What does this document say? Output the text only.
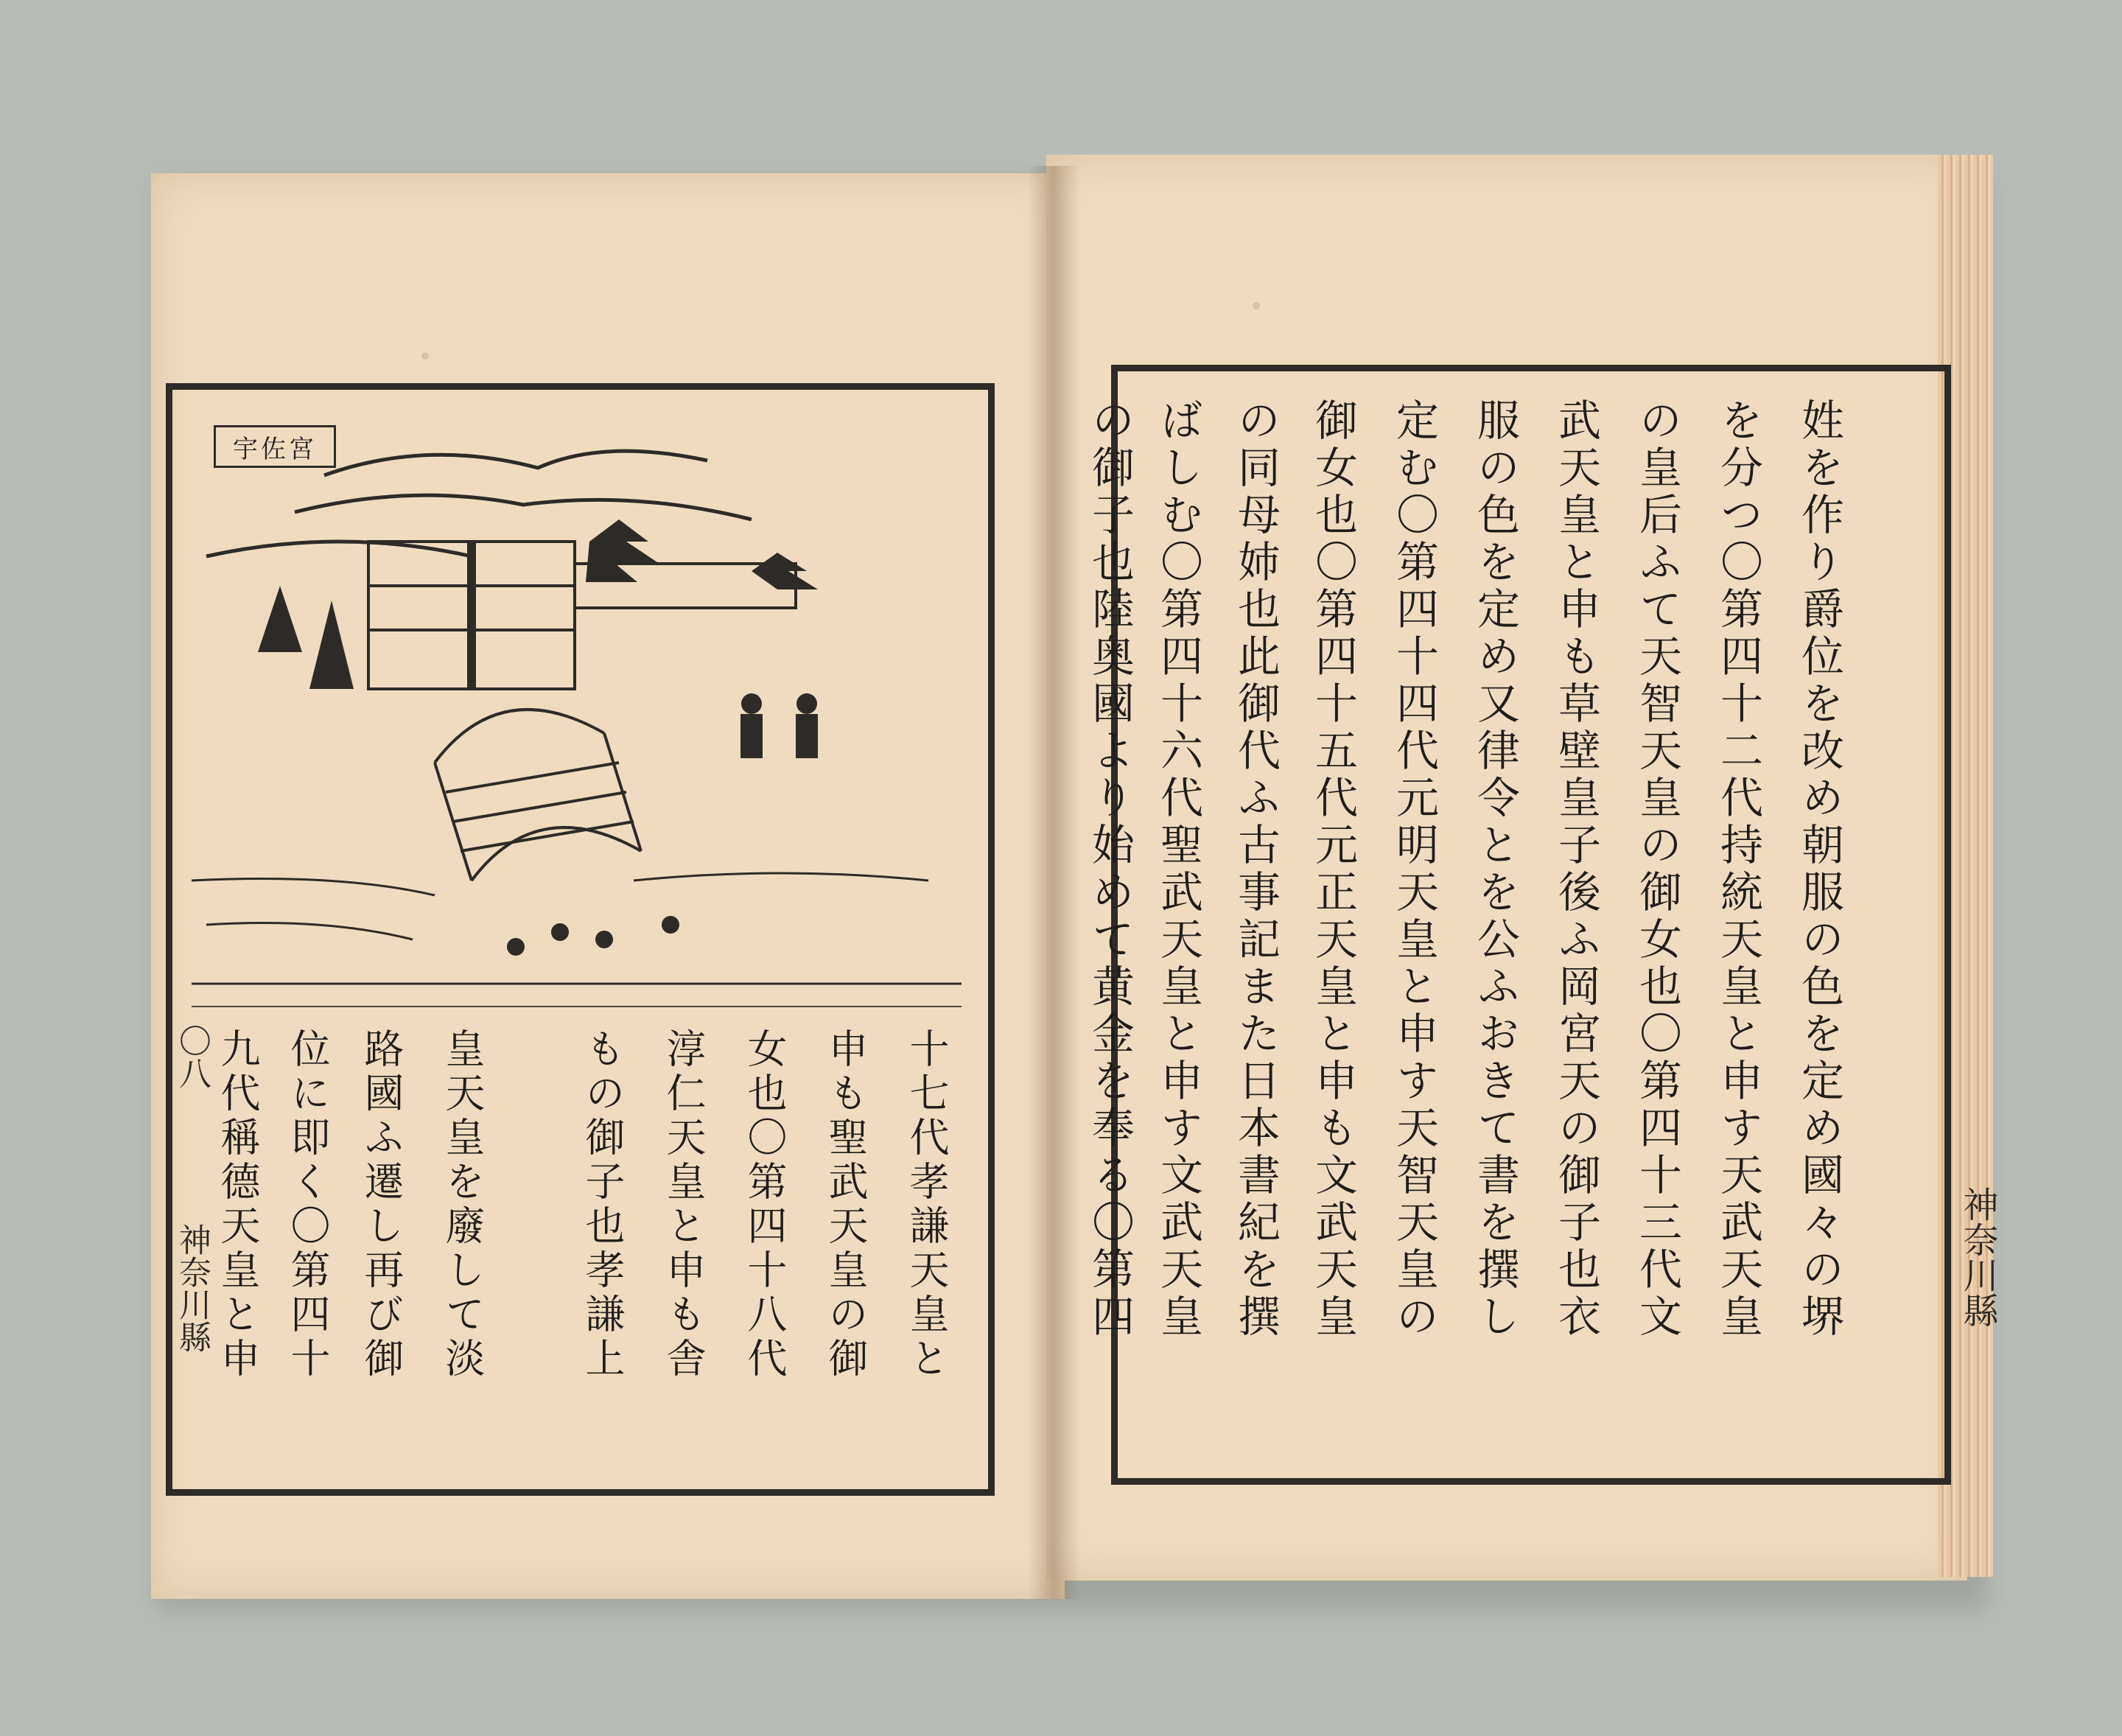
宇佐宮
〇八
神奈川縣	十七代孝謙天皇と
申も聖武天皇の御
女也〇第四十八代
淳仁天皇と申も舎
もの御子也孝謙上
皇天皇を廢して淡
路國ふ遷し再び御
位に即く〇第四十
九代稱德天皇と申	姓を作り爵位を改め朝服の色を定め國々の堺
を分つ〇第四十二代持統天皇と申す天武天皇
の皇后ふて天智天皇の御女也〇第四十三代文
武天皇と申も草壁皇子後ふ岡宮天の御子也衣
服の色を定め又律令とを公ふおきて書を撰し
定む〇第四十四代元明天皇と申す天智天皇の
御女也〇第四十五代元正天皇と申も文武天皇
の同母姉也此御代ふ古事記また日本書紀を撰
ばしむ〇第四十六代聖武天皇と申す文武天皇
の御子也陸奥國より始めて黄金を奉る〇第四	神奈川縣
